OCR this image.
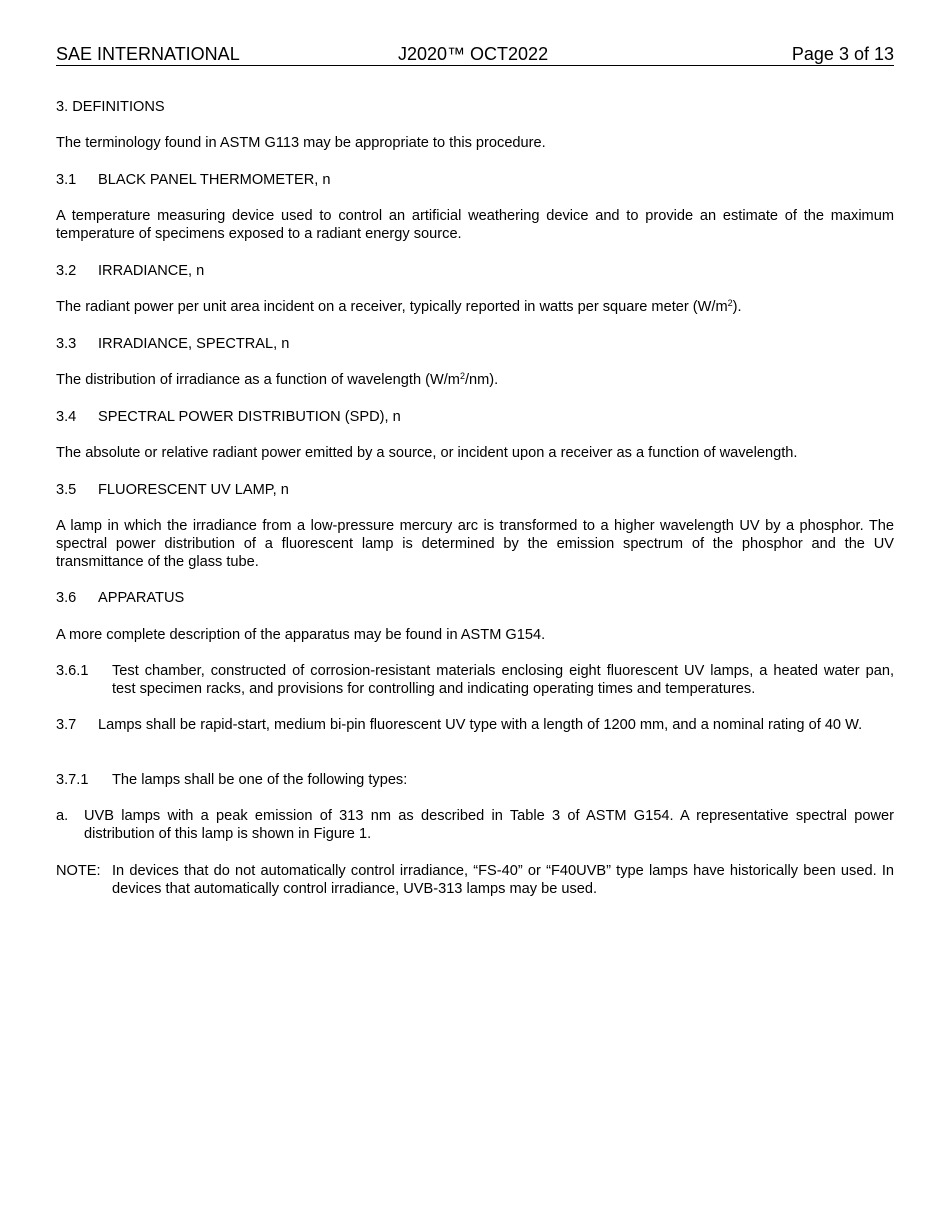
SAE INTERNATIONAL	J2020™ OCT2022	Page 3 of 13
3. DEFINITIONS
The terminology found in ASTM G113 may be appropriate to this procedure.
3.1 BLACK PANEL THERMOMETER, n
A temperature measuring device used to control an artificial weathering device and to provide an estimate of the maximum temperature of specimens exposed to a radiant energy source.
3.2 IRRADIANCE, n
The radiant power per unit area incident on a receiver, typically reported in watts per square meter $(W/m^2)$.
3.3 IRRADIANCE, SPECTRAL, n
The distribution of irradiance as a function of wavelength $(W/m^2/nm)$.
3.4 SPECTRAL POWER DISTRIBUTION (SPD), n
The absolute or relative radiant power emitted by a source, or incident upon a receiver as a function of wavelength.
3.5 FLUORESCENT UV LAMP, n
A lamp in which the irradiance from a low-pressure mercury arc is transformed to a higher wavelength UV by a phosphor. The spectral power distribution of a fluorescent lamp is determined by the emission spectrum of the phosphor and the UV transmittance of the glass tube.
3.6 APPARATUS
A more complete description of the apparatus may be found in ASTM G154.
3.6.1 Test chamber, constructed of corrosion-resistant materials enclosing eight fluorescent UV lamps, a heated water pan, test specimen racks, and provisions for controlling and indicating operating times and temperatures.
3.7 Lamps shall be rapid-start, medium bi-pin fluorescent UV type with a length of 1200 mm, and a nominal rating of 40 W.
3.7.1 The lamps shall be one of the following types:
a. UVB lamps with a peak emission of 313 nm as described in Table 3 of ASTM G154. A representative spectral power distribution of this lamp is shown in Figure 1.
NOTE: In devices that do not automatically control irradiance, “FS-40” or “F40UVB” type lamps have historically been used. In devices that automatically control irradiance, UVB-313 lamps may be used.
